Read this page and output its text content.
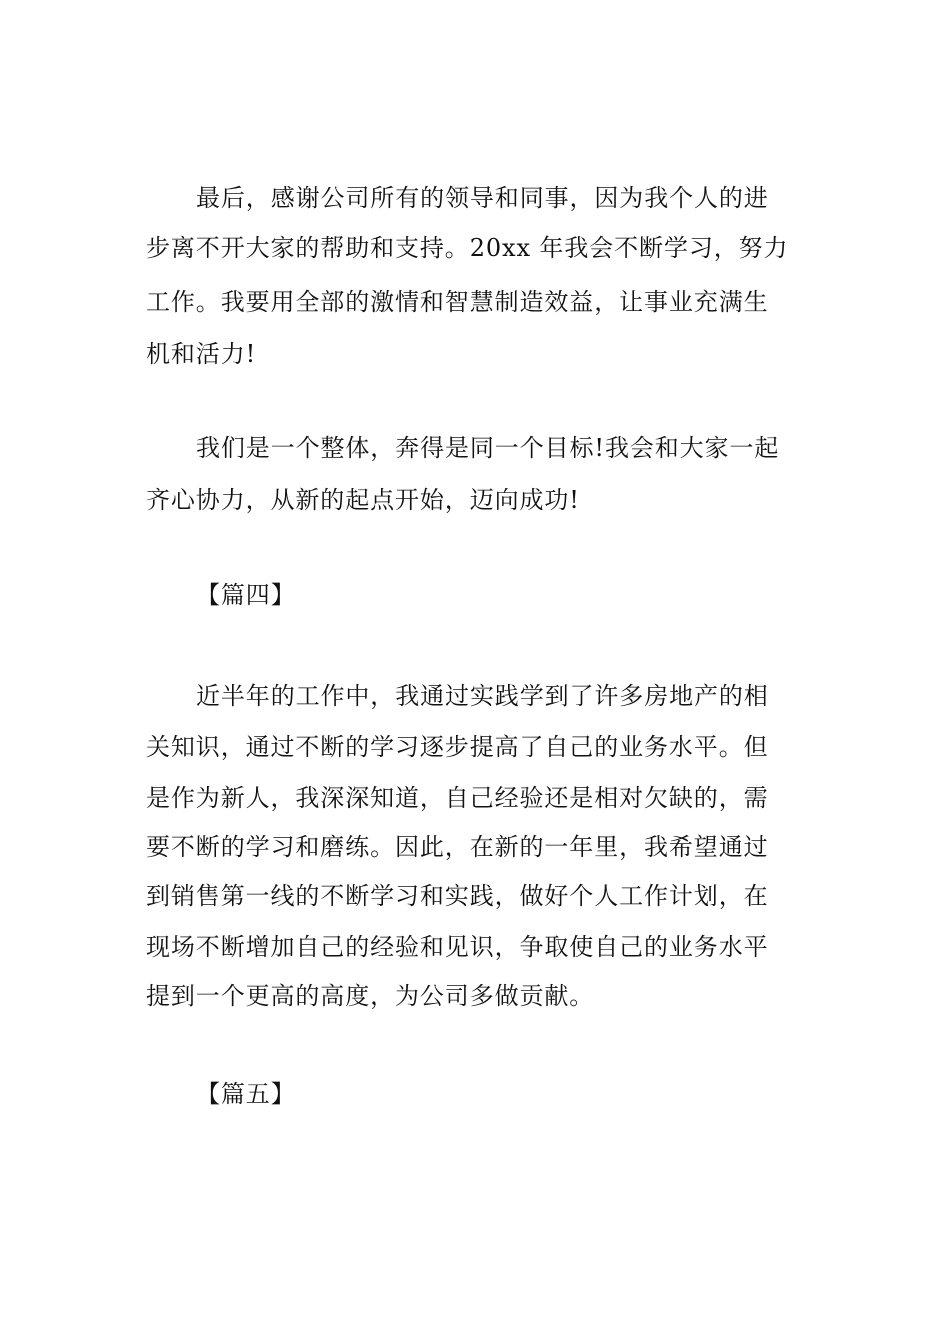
最后，感谢公司所有的领导和同事，因为我个人的进
步离不开大家的帮助和支持。20xx 年我会不断学习，努力
工作。我要用全部的激情和智慧制造效益，让事业充满生
机和活力!
我们是一个整体，奔得是同一个目标!我会和大家一起
齐心协力，从新的起点开始，迈向成功!
【篇四】
近半年的工作中，我通过实践学到了许多房地产的相
关知识，通过不断的学习逐步提高了自己的业务水平。但
是作为新人，我深深知道，自己经验还是相对欠缺的，需
要不断的学习和磨练。因此，在新的一年里，我希望通过
到销售第一线的不断学习和实践，做好个人工作计划，在
现场不断增加自己的经验和见识，争取使自己的业务水平
提到一个更高的高度，为公司多做贡献。
【篇五】
